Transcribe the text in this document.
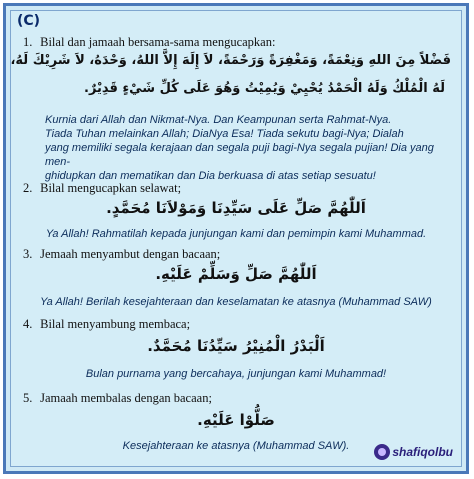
(C)
1. Bilal dan jamaah bersama-sama mengucapkan:
فَضْلاً مِنَ اللهِ وَنِعْمَةً، وَمَغْفِرَةً وَرَحْمَةً، لاَ إِلَهَ إِلاَّ اللهُ، وَحْدَهُ، لاَ شَرِيْكَ لَهُ،
لَهُ الْمُلْكُ وَلَهُ الْحَمْدُ يُحْيِيْ وَيُمِيْتُ وَهُوَ عَلَى كُلِّ شَيْءٍ قَدِيْرٌ.
Kurnia dari Allah dan Nikmat-Nya. Dan Keampunan serta Rahmat-Nya.
Tiada Tuhan melainkan Allah; DiaNya Esa! Tiada sekutu bagi-Nya; Dialah
yang memiliki segala kerajaan dan segala puji bagi-Nya segala pujian! Dia yang men-
ghidupkan dan mematikan dan Dia berkuasa di atas setiap sesuatu!
2. Bilal mengucapkan selawat;
اَللّٰهُمَّ صَلِّ عَلَى سَيِّدِنَا وَمَوْلاَنَا مُحَمَّدٍ.
Ya Allah! Rahmatilah kepada junjungan kami dan pemimpin kami Muhammad.
3. Jemaah menyambut dengan bacaan;
اَللّٰهُمَّ صَلِّ وَسَلِّمْ عَلَيْهِ.
Ya Allah! Berilah kesejahteraan dan keselamatan ke atasnya (Muhammad SAW)
4. Bilal menyambung membaca;
اَلْبَدْرُ الْمُنِيْرُ سَيِّدُنَا مُحَمَّدٌ.
Bulan purnama yang bercahaya, junjungan kami Muhammad!
5. Jamaah membalas dengan bacaan;
صَلُّوْا عَلَيْهِ.
Kesejahteraan ke atasnya (Muhammad SAW).	shafiqolbu
